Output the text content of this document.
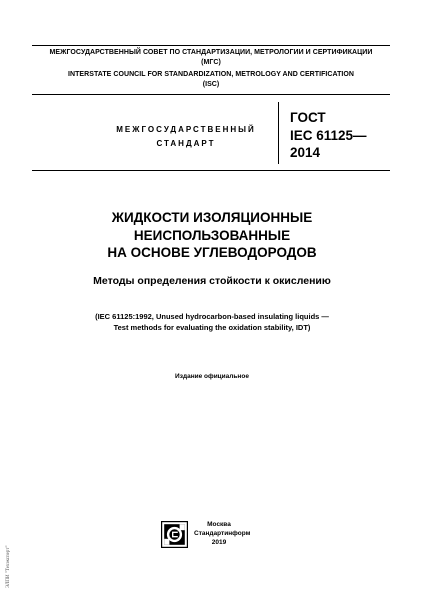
МЕЖГОСУДАРСТВЕННЫЙ СОВЕТ ПО СТАНДАРТИЗАЦИИ, МЕТРОЛОГИИ И СЕРТИФИКАЦИИ
(МГС)
INTERSTATE COUNCIL FOR STANDARDIZATION, METROLOGY AND CERTIFICATION
(ISC)
МЕЖГОСУДАРСТВЕННЫЙ
СТАНДАРТ
ГОСТ
IEC 61125—
2014
ЖИДКОСТИ ИЗОЛЯЦИОННЫЕ
НЕИСПОЛЬЗОВАННЫЕ
НА ОСНОВЕ УГЛЕВОДОРОДОВ
Методы определения стойкости к окислению
(IEC 61125:1992, Unused hydrocarbon-based insulating liquids —
Test methods for evaluating the oxidation stability, IDT)
Издание официальное
Москва
Стандартинформ
2019
ЭЛПИ "Техэксперт"
